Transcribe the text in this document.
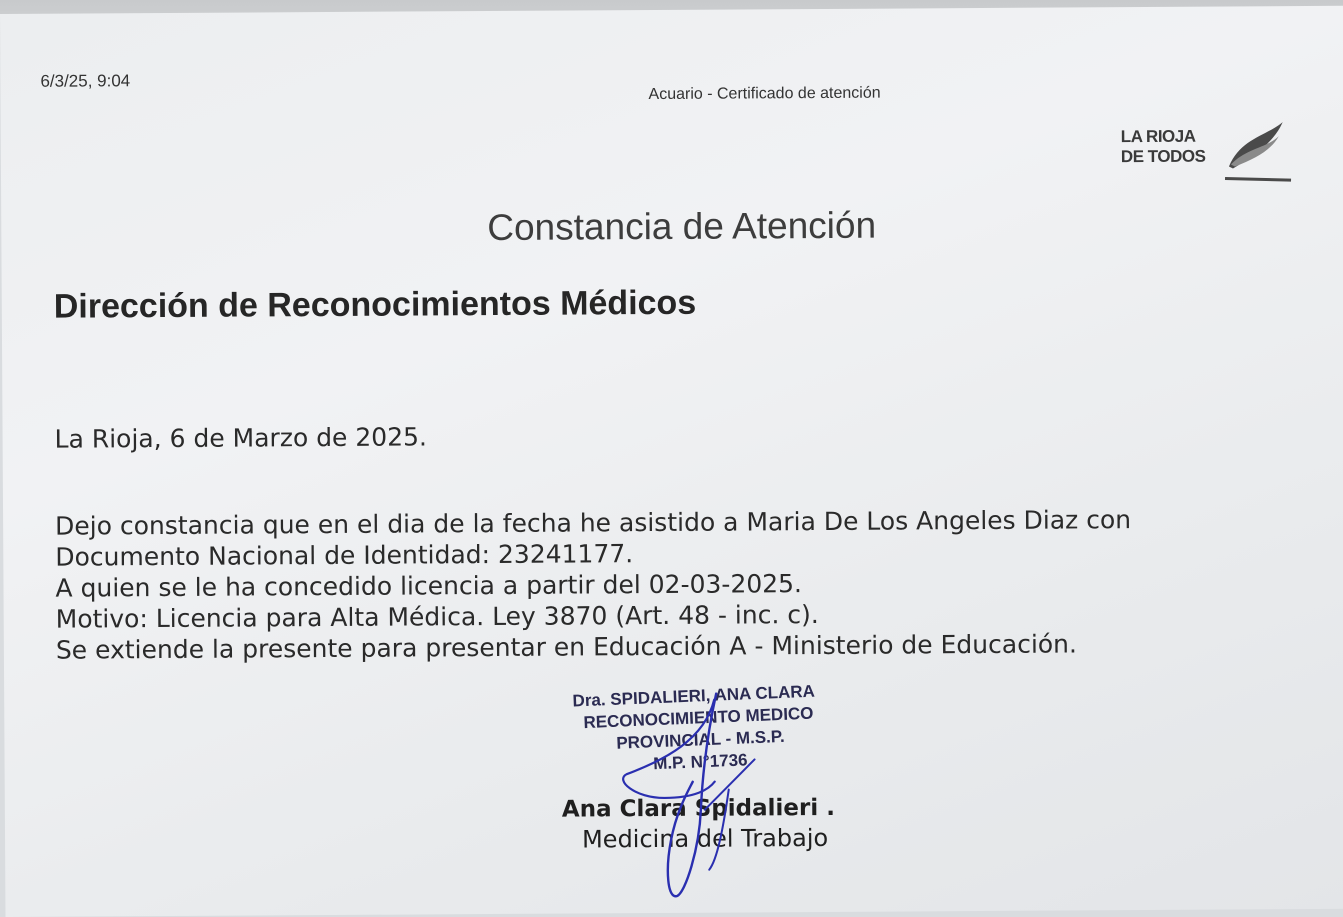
6/3/25, 9:04
Acuario - Certificado de atención
LA RIOJA
DE TODOS
Constancia de Atención
Dirección de Reconocimientos Médicos
La Rioja, 6 de Marzo de 2025.
Dejo constancia que en el dia de la fecha he asistido a Maria De Los Angeles Diaz con
Documento Nacional de Identidad: 23241177.
A quien se le ha concedido licencia a partir del 02-03-2025.
Motivo: Licencia para Alta Médica. Ley 3870 (Art. 48 - inc. c).
Se extiende la presente para presentar en Educación A - Ministerio de Educación.
Dra. SPIDALIERI, ANA CLARA
RECONOCIMIENTO MEDICO
PROVINCIAL - M.S.P.
M.P. N°1736
Ana Clara Spidalieri .
Medicina del Trabajo
